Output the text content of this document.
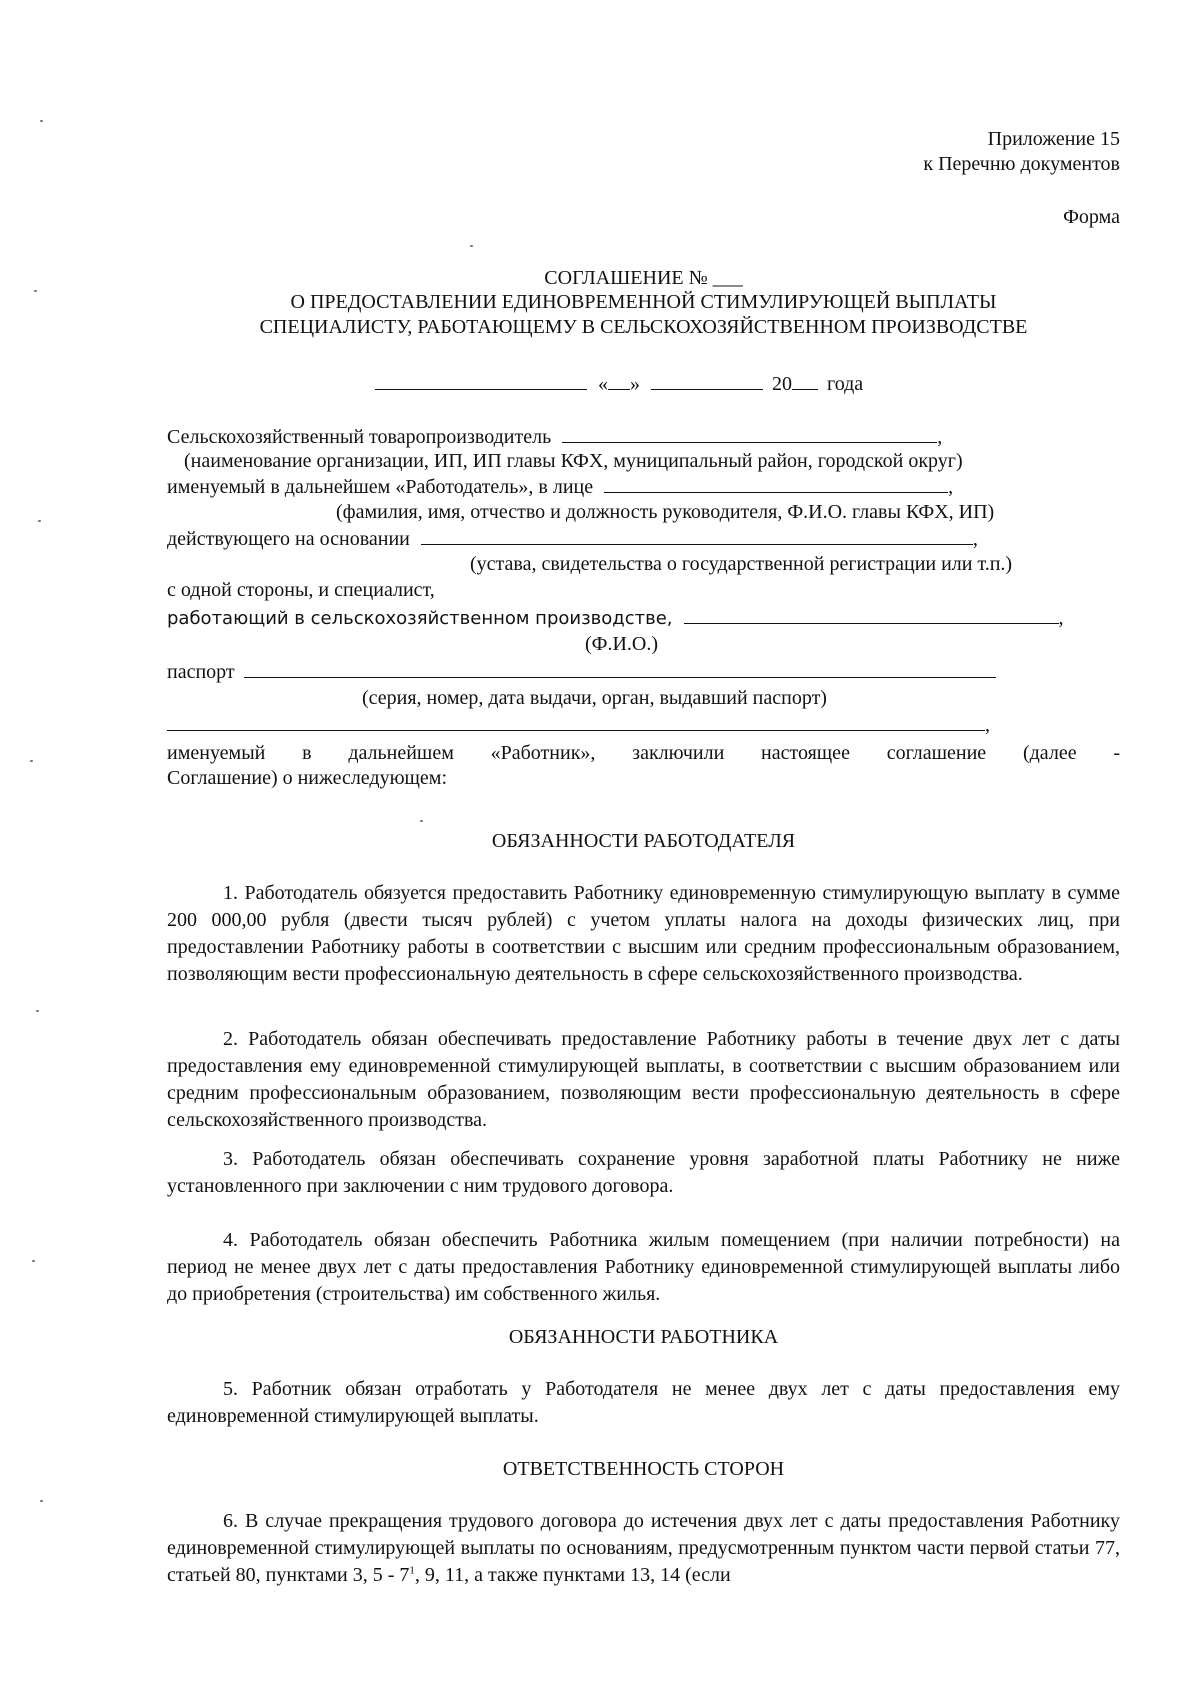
Приложение 15
к Перечню документов
Форма
СОГЛАШЕНИЕ № ___
О ПРЕДОСТАВЛЕНИИ ЕДИНОВРЕМЕННОЙ СТИМУЛИРУЮЩЕЙ ВЫПЛАТЫ
СПЕЦИАЛИСТУ, РАБОТАЮЩЕМУ В СЕЛЬСКОХОЗЯЙСТВЕННОМ ПРОИЗВОДСТВЕ
« »	20 года
Сельскохозяйственный товаропроизводитель	,
(наименование организации, ИП, ИП главы КФХ, муниципальный район, городской округ)
именуемый в дальнейшем «Работодатель», в лице	,
(фамилия, имя, отчество и должность руководителя, Ф.И.О. главы КФХ, ИП)
действующего на основании	,
(устава, свидетельства о государственной регистрации или т.п.)
с одной стороны, и специалист,
работающий в сельскохозяйственном производстве,	,
(Ф.И.О.)
паспорт
(серия, номер, дата выдачи, орган, выдавший паспорт)
,
именуемый в дальнейшем «Работник», заключили настоящее соглашение (далее -
Соглашение) о нижеследующем:
ОБЯЗАННОСТИ РАБОТОДАТЕЛЯ
1. Работодатель обязуется предоставить Работнику единовременную стимулирующую выплату в сумме 200 000,00 рубля (двести тысяч рублей) с учетом уплаты налога на доходы физических лиц, при предоставлении Работнику работы в соответствии с высшим или средним профессиональным образованием, позволяющим вести профессиональную деятельность в сфере сельскохозяйственного производства.
2. Работодатель обязан обеспечивать предоставление Работнику работы в течение двух лет с даты предоставления ему единовременной стимулирующей выплаты, в соответствии с высшим образованием или средним профессиональным образованием, позволяющим вести профессиональную деятельность в сфере сельскохозяйственного производства.
3. Работодатель обязан обеспечивать сохранение уровня заработной платы Работнику не ниже установленного при заключении с ним трудового договора.
4. Работодатель обязан обеспечить Работника жилым помещением (при наличии потребности) на период не менее двух лет с даты предоставления Работнику единовременной стимулирующей выплаты либо до приобретения (строительства) им собственного жилья.
ОБЯЗАННОСТИ РАБОТНИКА
5. Работник обязан отработать у Работодателя не менее двух лет с даты предоставления ему единовременной стимулирующей выплаты.
ОТВЕТСТВЕННОСТЬ СТОРОН
6. В случае прекращения трудового договора до истечения двух лет с даты предоставления Работнику единовременной стимулирующей выплаты по основаниям, предусмотренным пунктом части первой статьи 77, статьей 80, пунктами 3, $5 - 7^1$, 9, 11, а также пунктами 13, 14 (если
